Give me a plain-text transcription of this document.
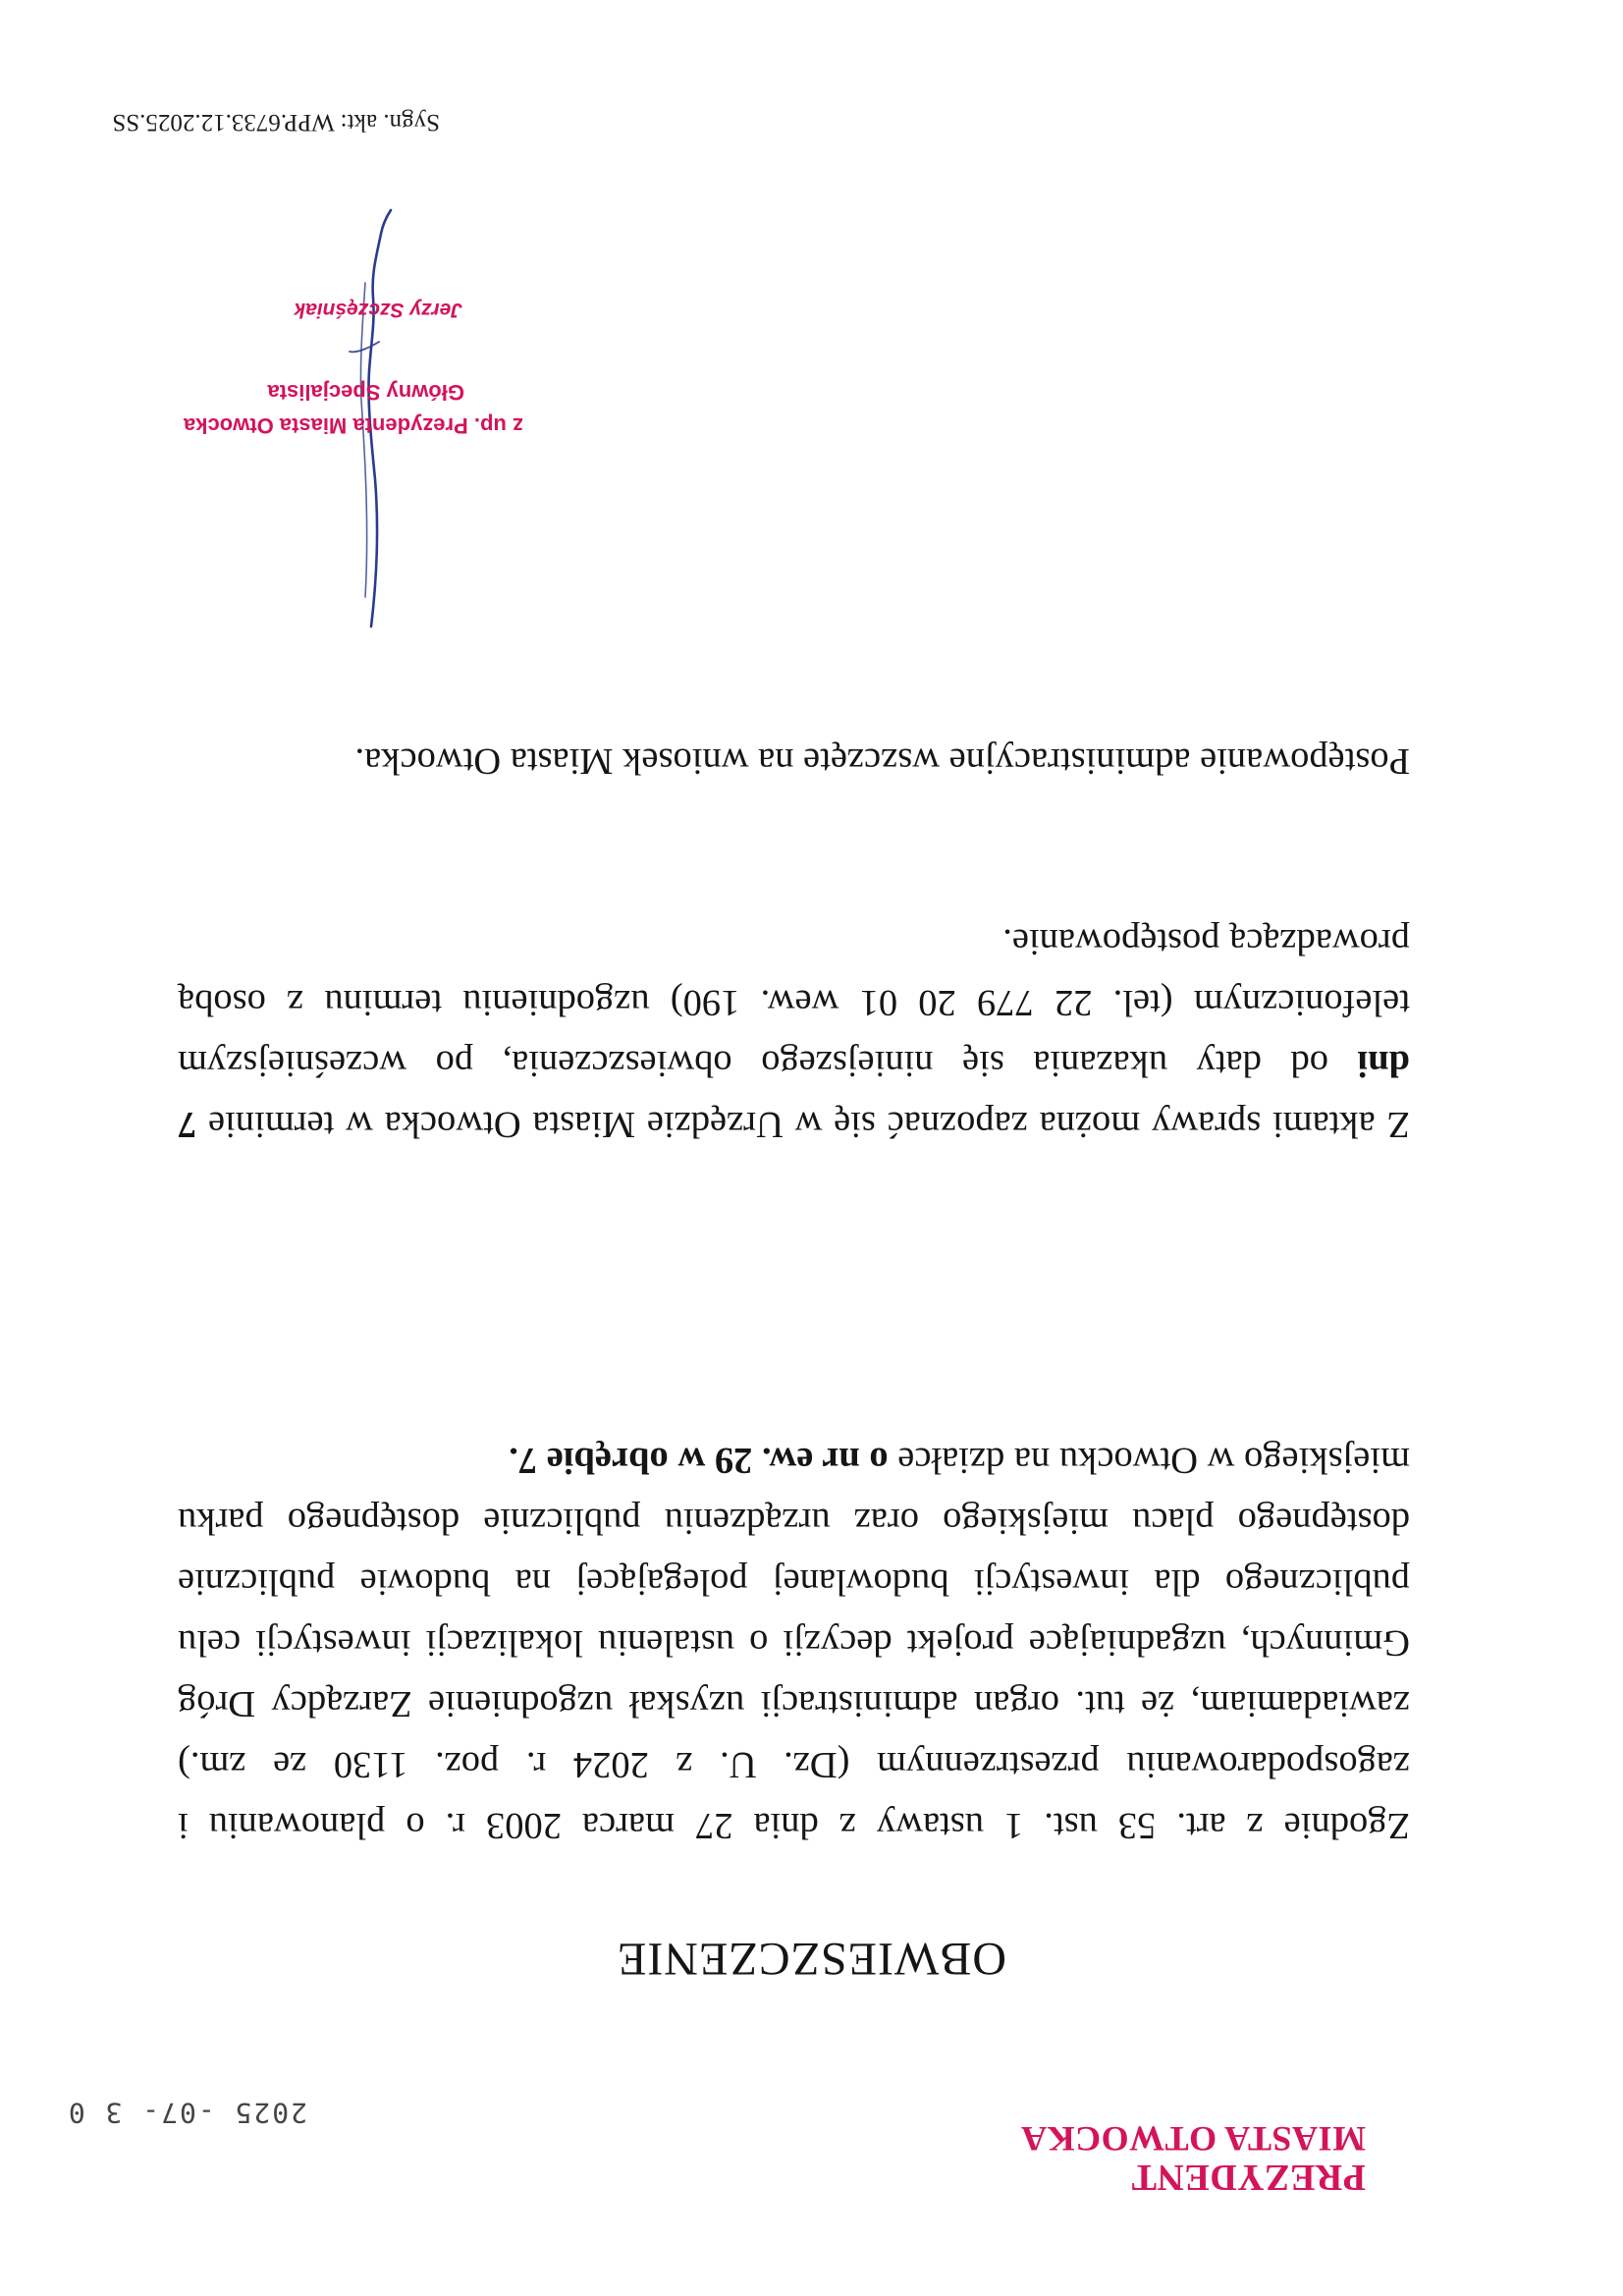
PREZYDENT
MIASTA OTWOCKA
2025 -07- 3 0
OBWIESZCZENIE
Zgodnie z art. 53 ust. 1 ustawy z dnia 27 marca 2003 r. o planowaniu i zagospodarowaniu przestrzennym (Dz. U. z 2024 r. poz. 1130 ze zm.) zawiadamiam, że tut. organ administracji uzyskał uzgodnienie Zarządcy Dróg Gminnych, uzgadniające projekt decyzji o ustaleniu lokalizacji inwestycji celu publicznego dla inwestycji budowlanej polegającej na budowie publicznie dostępnego placu miejskiego oraz urządzeniu publicznie dostępnego parku miejskiego w Otwocku na działce o nr ew. 29 w obrębie 7.
Z aktami sprawy można zapoznać się w Urzędzie Miasta Otwocka w terminie 7 dni od daty ukazania się niniejszego obwieszczenia, po wcześniejszym telefonicznym (tel. 22 779 20 01 wew. 190) uzgodnieniu terminu z osobą prowadzącą postępowanie.
Postępowanie administracyjne wszczęte na wniosek Miasta Otwocka.
z up. Prezydenta Miasta Otwocka
Główny Specjalista
Jerzy Szczęśniak
Sygn. akt: WPP.6733.12.2025.SS
